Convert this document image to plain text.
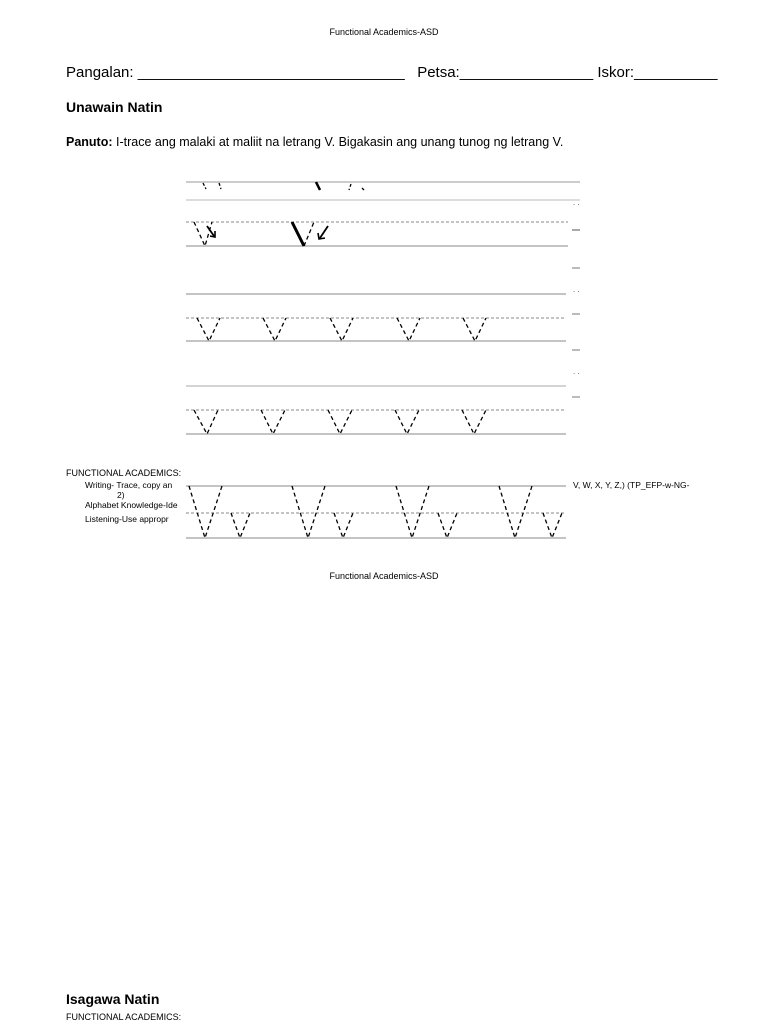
Functional Academics-ASD
Pangalan: ________________________________ Petsa:________________ Iskor:__________
Unawain Natin
Panuto: I-trace ang malaki at maliit na letrang V. Bigakasin ang unang tunog ng letrang V.
. .
. .
. .
FUNCTIONAL ACADEMICS:
Writing- Trace, copy an
2)
Alphabet Knowledge-Ide
Listening-Use appropr
V, W, X, Y, Z,) (TP_EFP-w-NG-
Functional Academics-ASD
Isagawa Natin
FUNCTIONAL ACADEMICS:
